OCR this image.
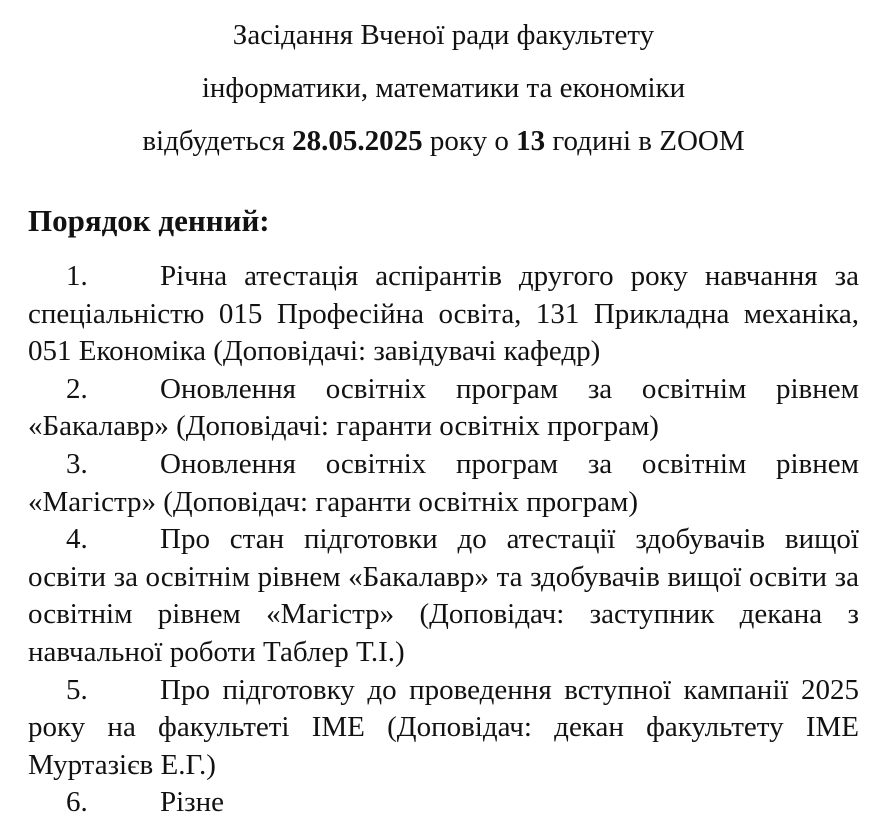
Засідання Вченої ради факультету

інформатики, математики та економіки

відбудеться 28.05.2025 року о 13 годині в ZOOM

Порядок денний:

1. Річна атестація аспірантів другого року навчання за спеціальністю 015 Професійна освіта, 131 Прикладна механіка, 051 Економіка (Доповідачі: завідувачі кафедр)

2. Оновлення освітніх програм за освітнім рівнем «Бакалавр» (Доповідачі: гаранти освітніх програм)

3. Оновлення освітніх програм за освітнім рівнем «Магістр» (Доповідач: гаранти освітніх програм)

4. Про стан підготовки до атестації здобувачів вищої освіти за освітнім рівнем «Бакалавр» та здобувачів вищої освіти за освітнім рівнем «Магістр» (Доповідач: заступник декана з навчальної роботи Таблер Т.І.)

5. Про підготовку до проведення вступної кампанії 2025 року на факультеті ІМЕ (Доповідач: декан факультету ІМЕ Муртазієв Е.Г.)

6. Різне
